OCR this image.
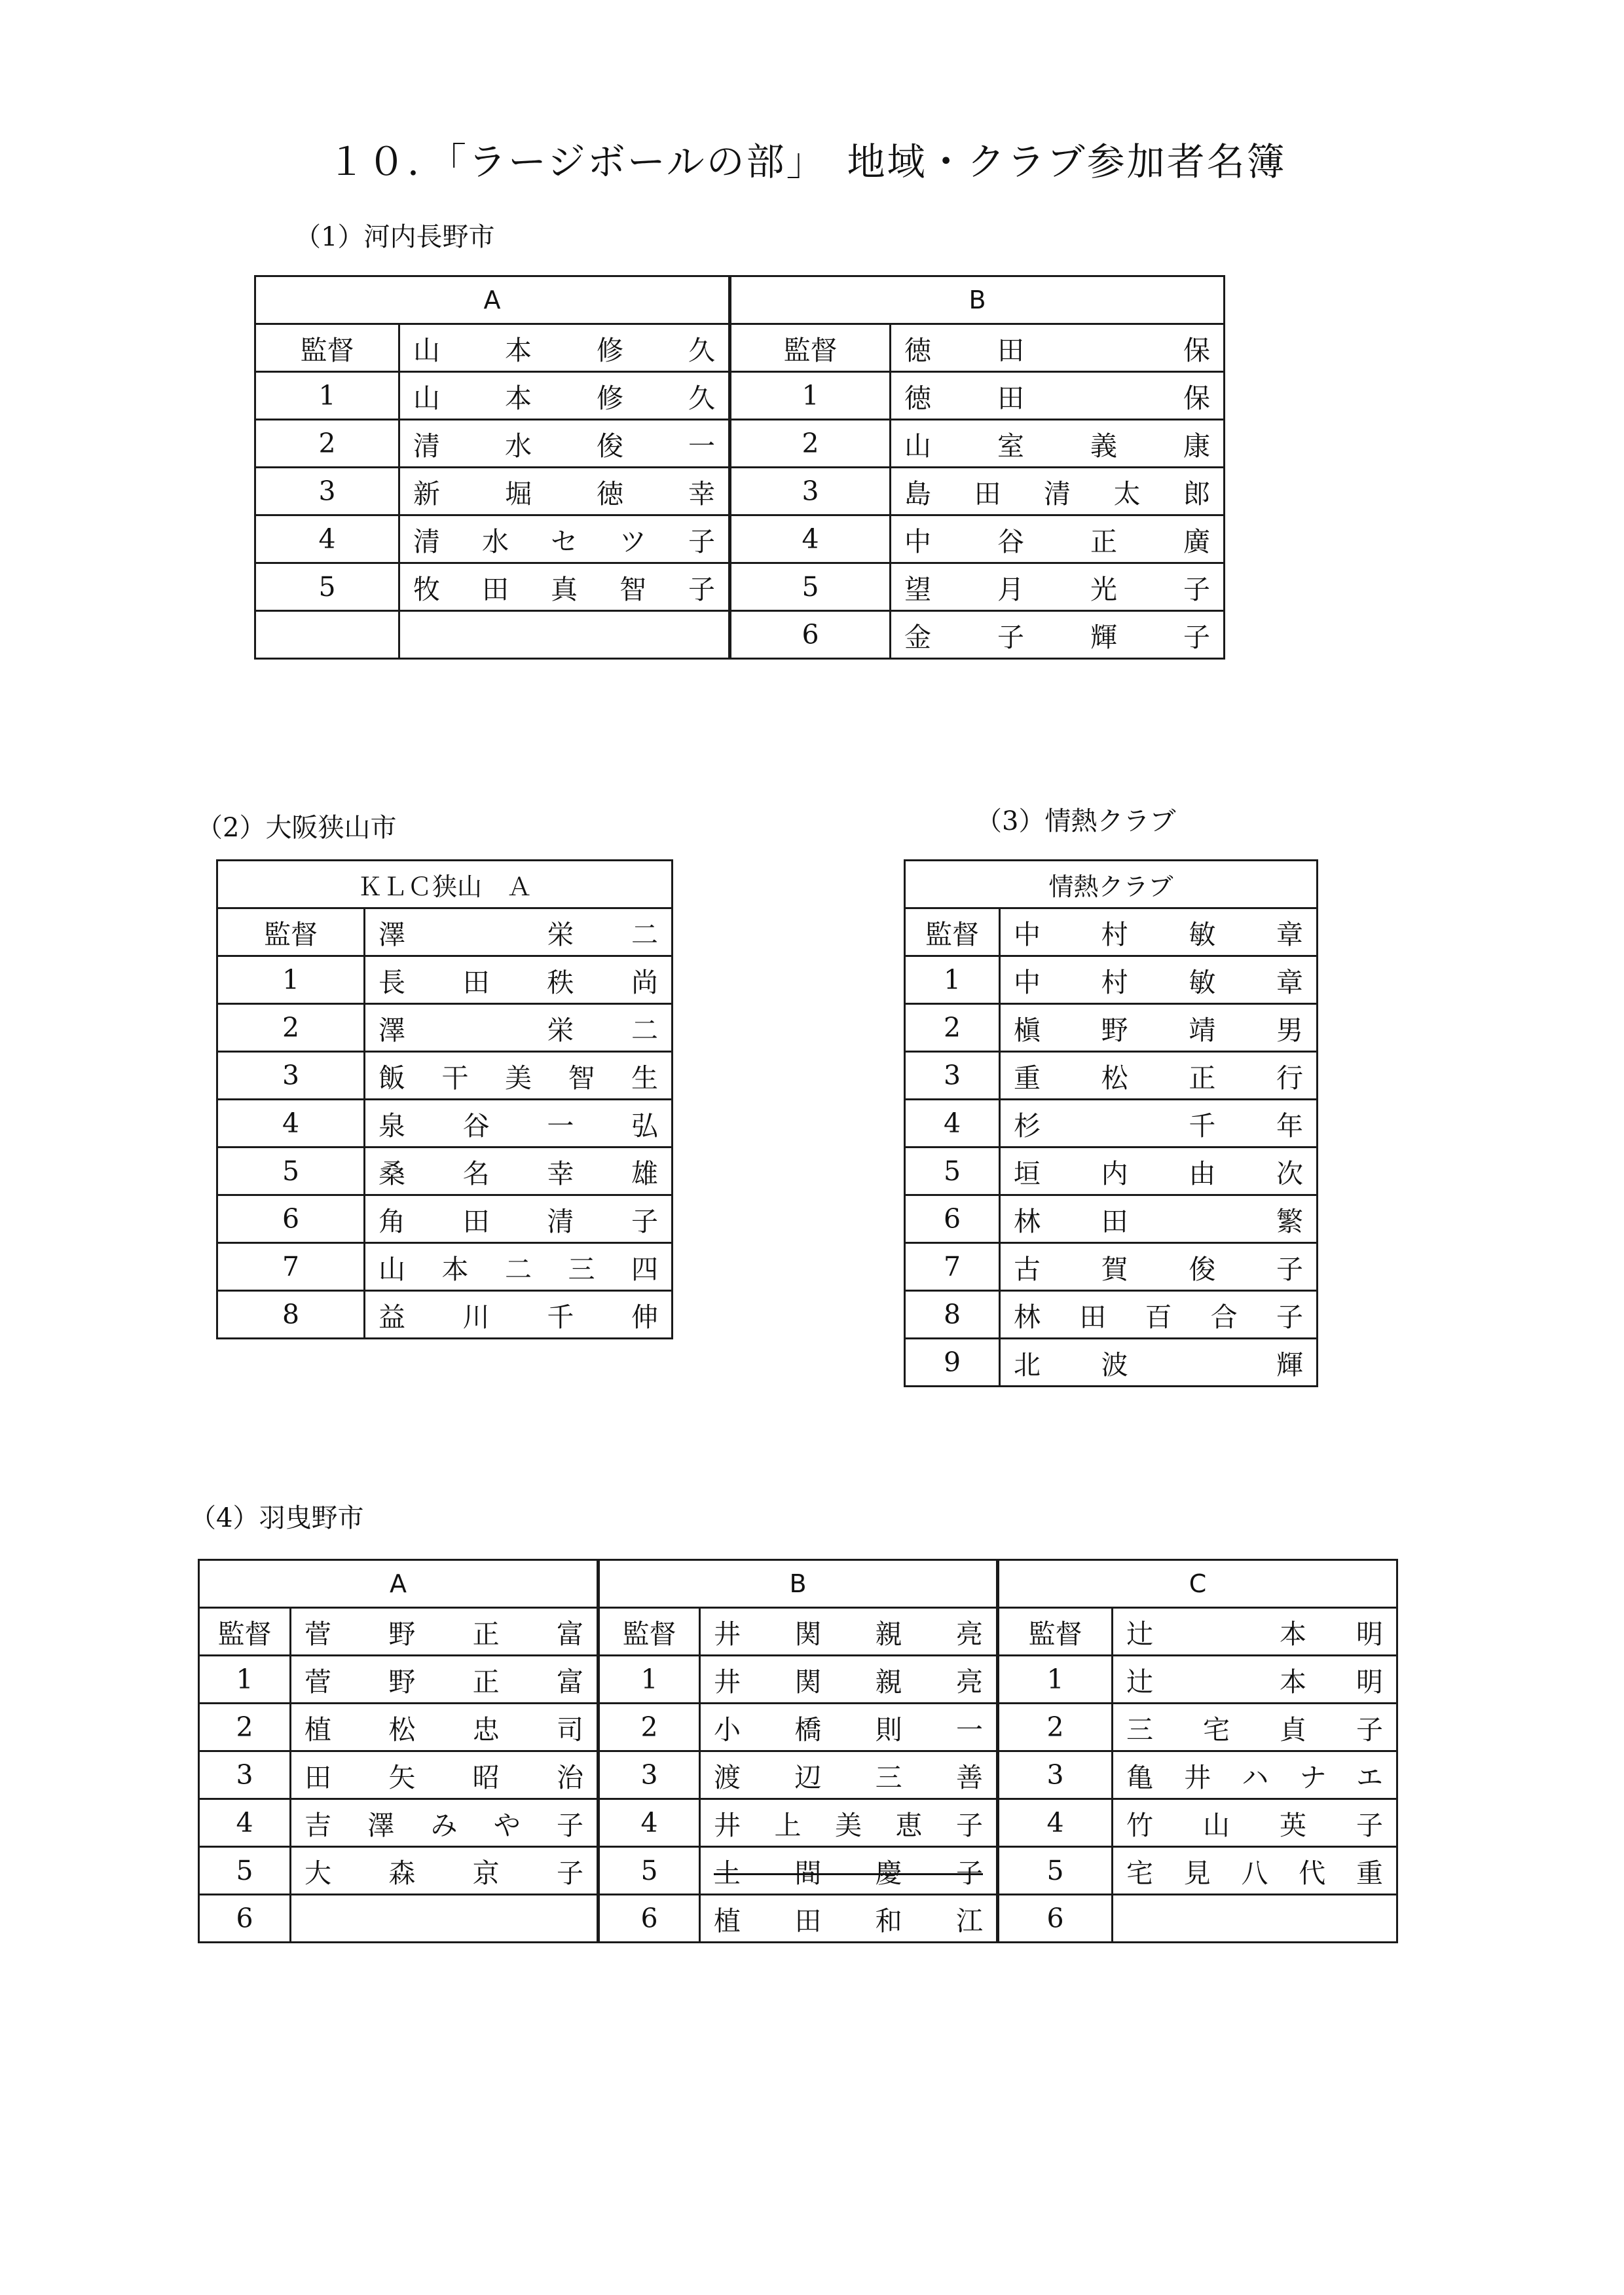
１０．「ラージボールの部」　地域・クラブ参加者名簿
（1）河内長野市
A		B	
監督	山本修久	監督	徳田　保
1	山本修久	1	徳田　保
2	清水俊一	2	山室義康
3	新堀徳幸	3	島田清太郎
4	清水セツ子	4	中谷正廣
5	牧田真智子	5	望月光子
		6	金子輝子
（2）大阪狭山市
ＫＬＣ狭山　Ａ	
監督	澤　栄二
1	長田秩尚
2	澤　栄二
3	飯干美智生
4	泉谷一弘
5	桑名幸雄
6	角田清子
7	山本二三四
8	益川千伸
（3）情熱クラブ
情熱クラブ	
監督	中村敏章
1	中村敏章
2	槇野靖男
3	重松正行
4	杉　千年
5	垣内由次
6	林田　繁
7	古賀俊子
8	林田百合子
9	北波　輝
（4）羽曳野市
A		B		C	
監督	菅野正富	監督	井関親亮	監督	辻　本明
1	菅野正富	1	井関親亮	1	辻　本明
2	植松忠司	2	小橋則一	2	三宅貞子
3	田矢昭治	3	渡辺三善	3	亀井ハナエ
4	吉澤みや子	4	井上美恵子	4	竹山英子
5	大森京子	5	土間慶子	5	宅見八代重
6		6	植田和江	6	
